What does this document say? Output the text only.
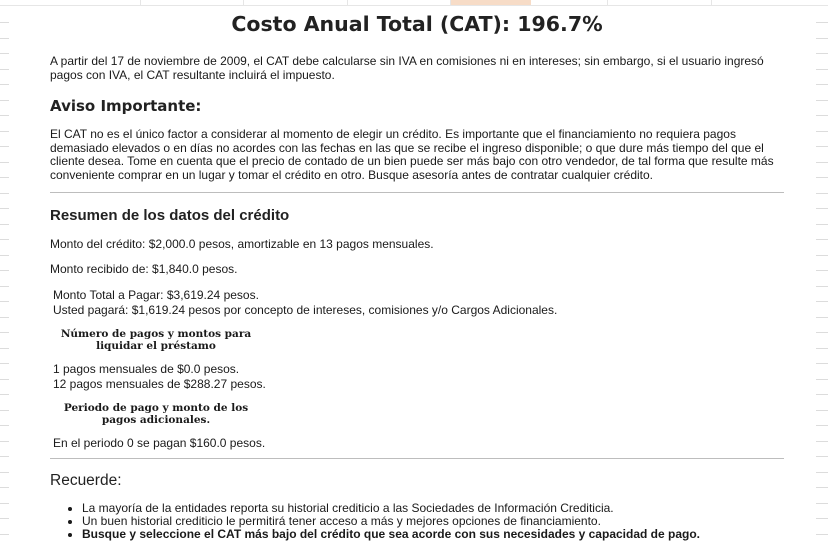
Costo Anual Total (CAT): 196.7%

A partir del 17 de noviembre de 2009, el CAT debe calcularse sin IVA en comisiones ni en intereses; sin embargo, si el usuario ingresó pagos con IVA, el CAT resultante incluirá el impuesto.

Aviso Importante:

El CAT no es el único factor a considerar al momento de elegir un crédito. Es importante que el financiamiento no requiera pagos demasiado elevados o en días no acordes con las fechas en las que se recibe el ingreso disponible; o que dure más tiempo del que el cliente desea. Tome en cuenta que el precio de contado de un bien puede ser más bajo con otro vendedor, de tal forma que resulte más conveniente comprar en un lugar y tomar el crédito en otro. Busque asesoría antes de contratar cualquier crédito.

Resumen de los datos del crédito
Monto del crédito: $2,000.0 pesos, amortizable en 13 pagos mensuales.
Monto recibido de: $1,840.0 pesos.
Monto Total a Pagar: $3,619.24 pesos.
Usted pagará: $1,619.24 pesos por concepto de intereses, comisiones y/o Cargos Adicionales.
Número de pagos y montos para liquidar el préstamo
1 pagos mensuales de $0.0 pesos.
12 pagos mensuales de $288.27 pesos.
Periodo de pago y monto de los pagos adicionales.
En el periodo 0 se pagan $160.0 pesos.
Recuerde:
• La mayoría de la entidades reporta su historial crediticio a las Sociedades de Información Crediticia.
• Un buen historial crediticio le permitirá tener acceso a más y mejores opciones de financiamiento.
• Busque y seleccione el CAT más bajo del crédito que sea acorde con sus necesidades y capacidad de pago.
